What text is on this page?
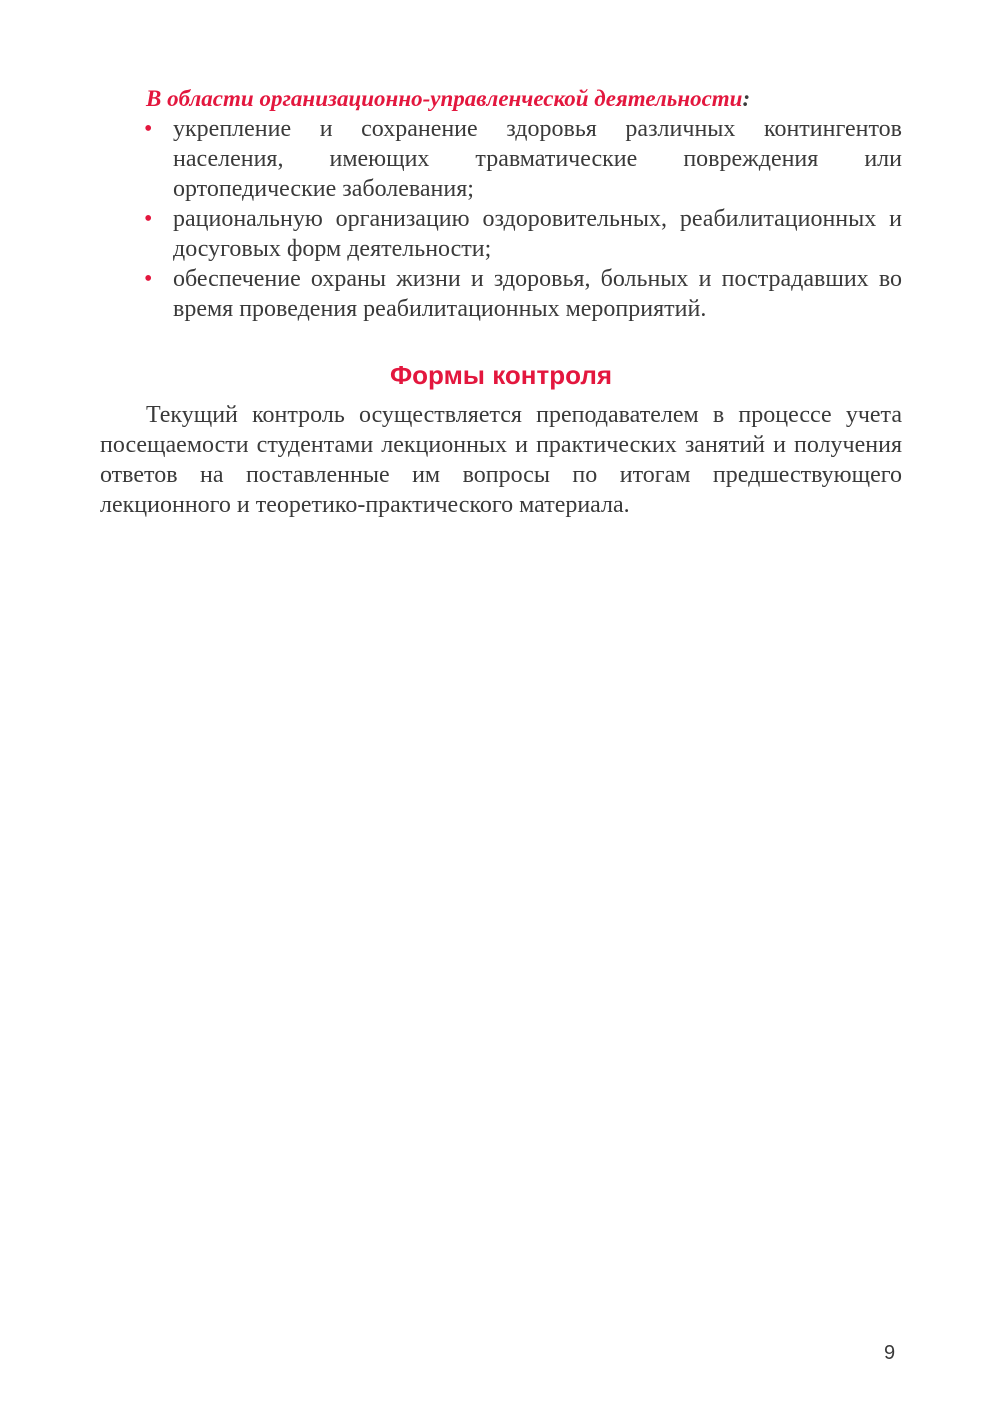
В области организационно-управленческой деятельности:

• укрепление и сохранение здоровья различных контингентов населения, имеющих травматические повреждения или ортопедические заболевания;
• рациональную организацию оздоровительных, реабилитационных и досуговых форм деятельности;
• обеспечение охраны жизни и здоровья, больных и пострадавших во время проведения реабилитационных мероприятий.
Формы контроля

Текущий контроль осуществляется преподавателем в процессе учета посещаемости студентами лекционных и практических занятий и получения ответов на поставленные им вопросы по итогам предшествующего лекционного и теоретико-практического материала.

9
